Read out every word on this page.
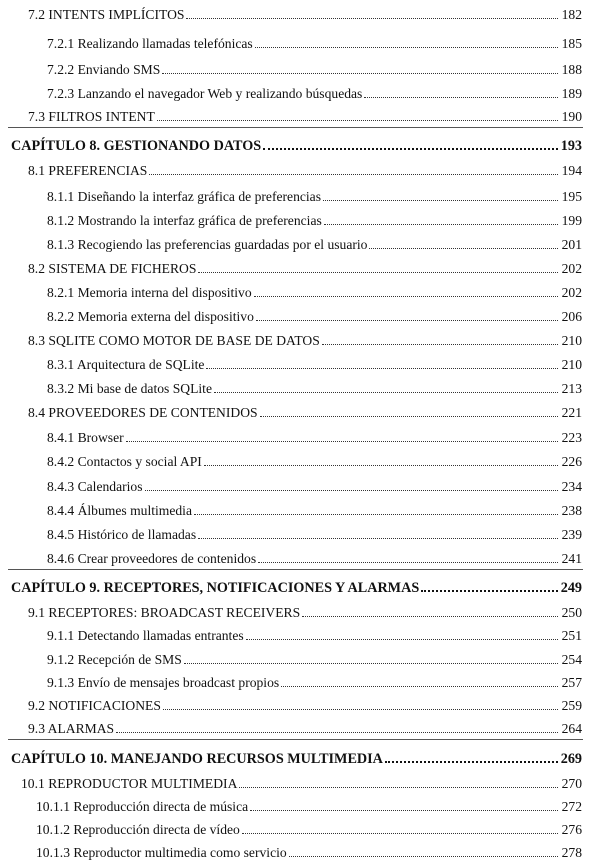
7.2 INTENTS IMPLÍCITOS	182
7.2.1 Realizando llamadas telefónicas	185
7.2.2 Enviando SMS	188
7.2.3 Lanzando el navegador Web y realizando búsquedas	189
7.3 FILTROS INTENT	190
CAPÍTULO 8. GESTIONANDO DATOS	193
8.1 PREFERENCIAS	194
8.1.1 Diseñando la interfaz gráfica de preferencias	195
8.1.2 Mostrando la interfaz gráfica de preferencias	199
8.1.3 Recogiendo las preferencias guardadas por el usuario	201
8.2 SISTEMA DE FICHEROS	202
8.2.1 Memoria interna del dispositivo	202
8.2.2 Memoria externa del dispositivo	206
8.3 SQLITE COMO MOTOR DE BASE DE DATOS	210
8.3.1 Arquitectura de SQLite	210
8.3.2 Mi base de datos SQLite	213
8.4 PROVEEDORES DE CONTENIDOS	221
8.4.1 Browser	223
8.4.2 Contactos y social API	226
8.4.3 Calendarios	234
8.4.4 Álbumes multimedia	238
8.4.5 Histórico de llamadas	239
8.4.6 Crear proveedores de contenidos	241
CAPÍTULO 9. RECEPTORES, NOTIFICACIONES Y ALARMAS	249
9.1 RECEPTORES: BROADCAST RECEIVERS	250
9.1.1 Detectando llamadas entrantes	251
9.1.2 Recepción de SMS	254
9.1.3 Envío de mensajes broadcast propios	257
9.2 NOTIFICACIONES	259
9.3 ALARMAS	264
CAPÍTULO 10. MANEJANDO RECURSOS MULTIMEDIA	269
10.1 REPRODUCTOR MULTIMEDIA	270
10.1.1 Reproducción directa de música	272
10.1.2 Reproducción directa de vídeo	276
10.1.3 Reproductor multimedia como servicio	278
